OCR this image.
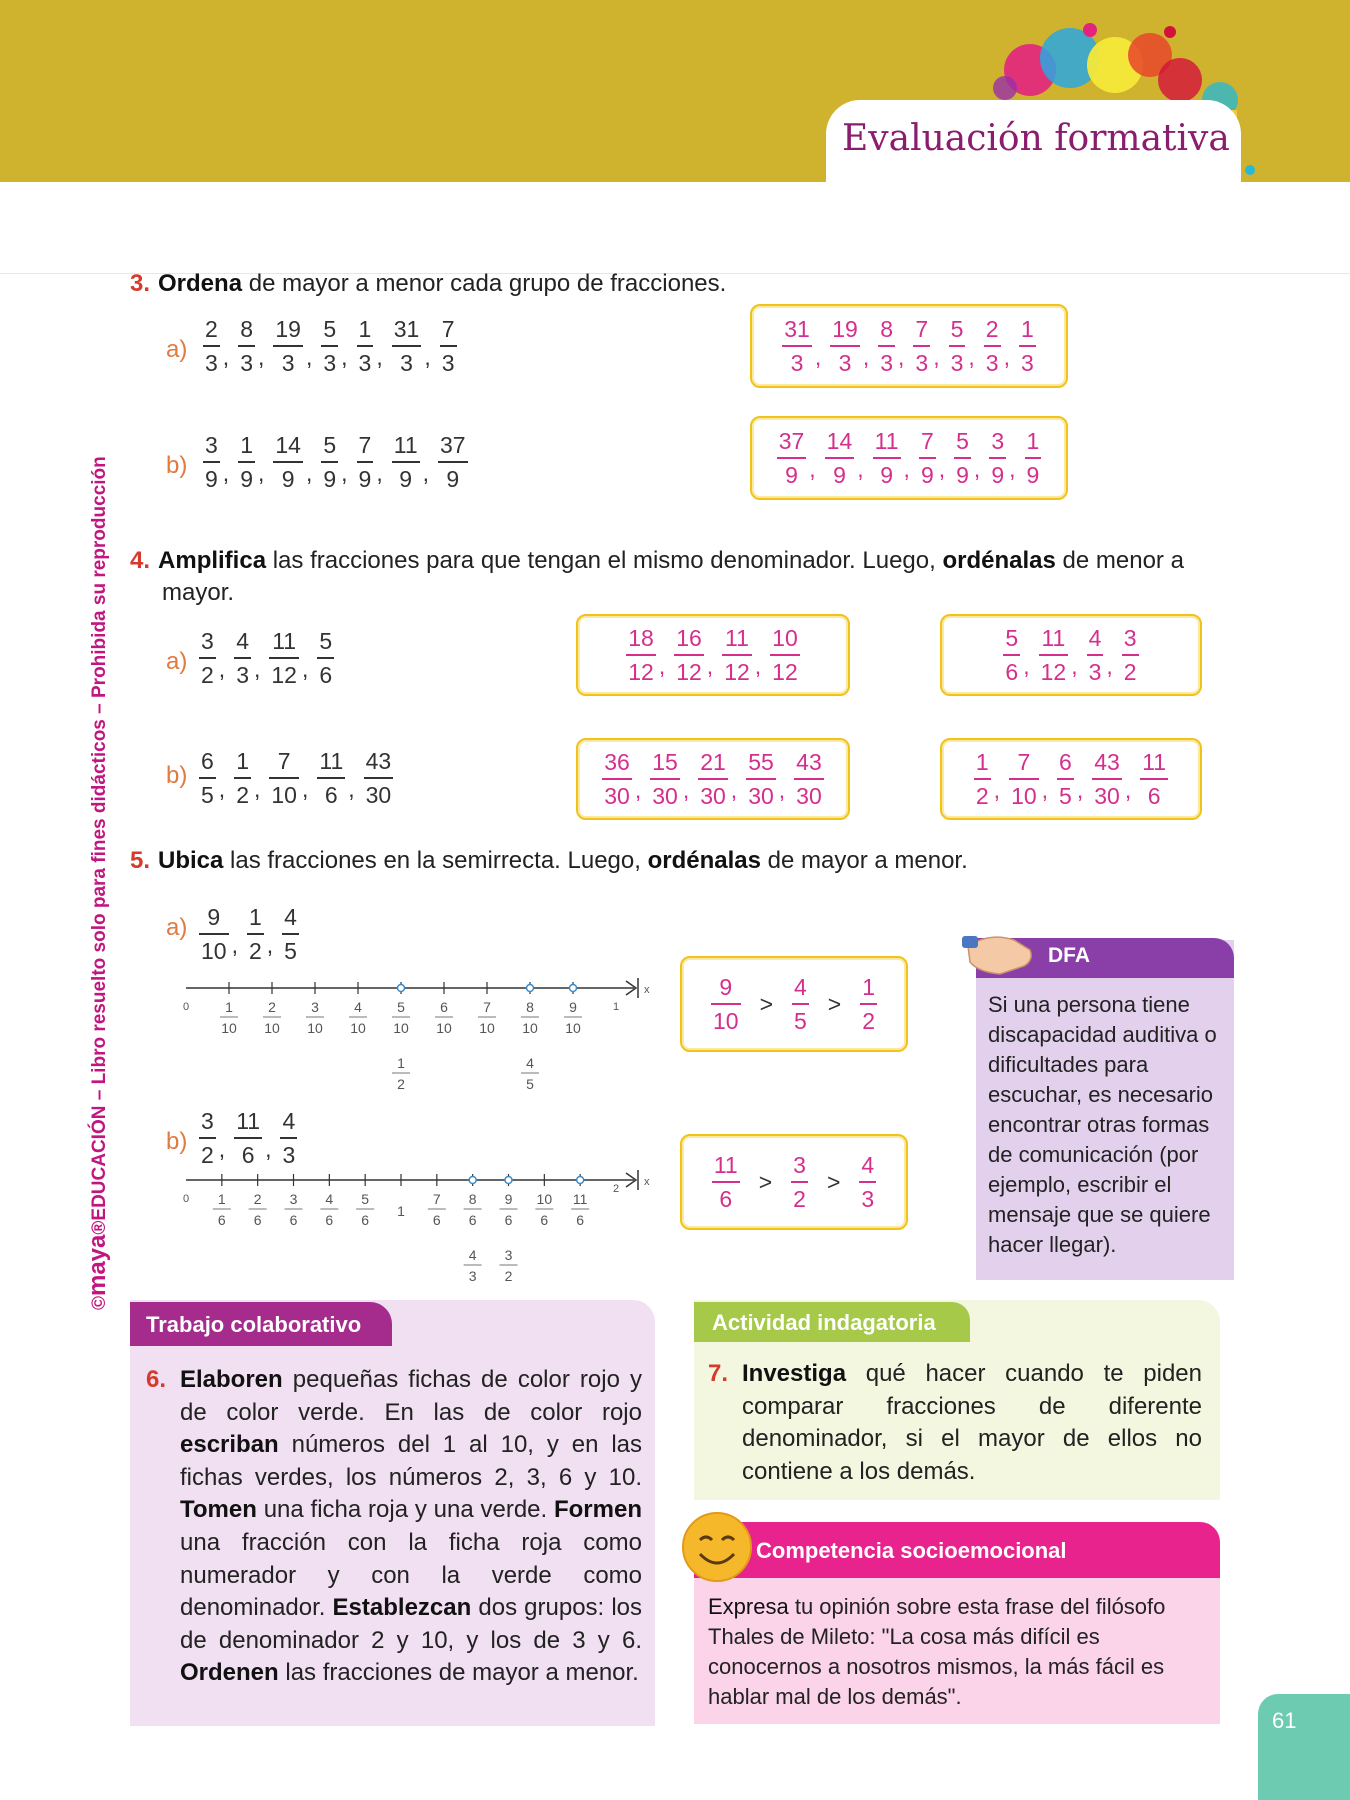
Evaluación formativa
©maya®EDUCACIÓN – Libro resuelto solo para fines didácticos – Prohibida su reproducción
3. Ordena de mayor a menor cada grupo de fracciones.
$a) \frac{2}{3}$ , $\frac{8}{3}$ , $\frac{19}{3}$ , $\frac{5}{3}$ , $\frac{1}{3}$ , $\frac{31}{3}$ , $\frac{7}{3}$	$\frac{31}{3}$ , $\frac{19}{3}$ , $\frac{8}{3}$ , $\frac{7}{3}$ , $\frac{5}{3}$ , $\frac{2}{3}$ , $\frac{1}{3}$
$b) \frac{3}{9}$ , $\frac{1}{9}$ , $\frac{14}{9}$ , $\frac{5}{9}$ , $\frac{7}{9}$ , $\frac{11}{9}$ , $\frac{37}{9}$	$\frac{37}{9}$ , $\frac{14}{9}$ , $\frac{11}{9}$ , $\frac{7}{9}$ , $\frac{5}{9}$ , $\frac{3}{9}$ , $\frac{1}{9}$
4. Amplifica las fracciones para que tengan el mismo denominador. Luego, ordénalas de menor a
mayor.
$a) \frac{3}{2}$ , $\frac{4}{3}$ , $\frac{11}{12}$ , $\frac{5}{6}$	$\frac{18}{12}$ , $\frac{16}{12}$ , $\frac{11}{12}$ , $\frac{10}{12}$	$\frac{5}{6}$ , $\frac{11}{12}$ , $\frac{4}{3}$ , $\frac{3}{2}$
$b) \frac{6}{5}$ , $\frac{1}{2}$ , $\frac{7}{10}$ , $\frac{11}{6}$ , $\frac{43}{30}$	$\frac{36}{30}$ , $\frac{15}{30}$ , $\frac{21}{30}$ , $\frac{55}{30}$ , $\frac{43}{30}$	$\frac{1}{2}$ , $\frac{7}{10}$ , $\frac{6}{5}$ , $\frac{43}{30}$ , $\frac{11}{6}$
5. Ubica las fracciones en la semirrecta. Luego, ordénalas de mayor a menor.
$a) \frac{9}{10}$ , $\frac{1}{2}$ , $\frac{4}{5}$
x
0	1
1
10
2
10
3
10
4
10
5
10
6
10
7
10
8
10
9
10
1
2
4
5
$\frac{9}{10} > \frac{4}{5} > \frac{1}{2}$
$b) \frac{3}{2}$ , $\frac{11}{6}$ , $\frac{4}{3}$
x
0
2
1
6
2
6
3
6
4
6
5
6
7
6
8
6
9
6
10
6
11
6
1
4
3
3
2
$\frac{11}{6} > \frac{3}{2} > \frac{4}{3}$
DFA
Si una persona tiene discapacidad auditiva o dificultades para escuchar, es necesario encontrar otras formas de comunicación (por ejemplo, escribir el mensaje que se quiere hacer llegar).
Trabajo colaborativo
6. Elaboren pequeñas fichas de color rojo y de color verde. En las de color rojo escriban números del 1 al 10, y en las fichas verdes, los números 2, 3, 6 y 10. Tomen una ficha roja y una verde. Formen una fracción con la ficha roja como numerador y con la verde como denominador. Establezcan dos grupos: los de denominador 2 y 10, y los de 3 y 6. Ordenen las fracciones de mayor a menor.
Actividad indagatoria
7. Investiga qué hacer cuando te piden comparar fracciones de diferente denominador, si el mayor de ellos no contiene a los demás.
Competencia socioemocional
Expresa tu opinión sobre esta frase del filósofo Thales de Mileto: "La cosa más difícil es conocernos a nosotros mismos, la más fácil es hablar mal de los demás".
61
